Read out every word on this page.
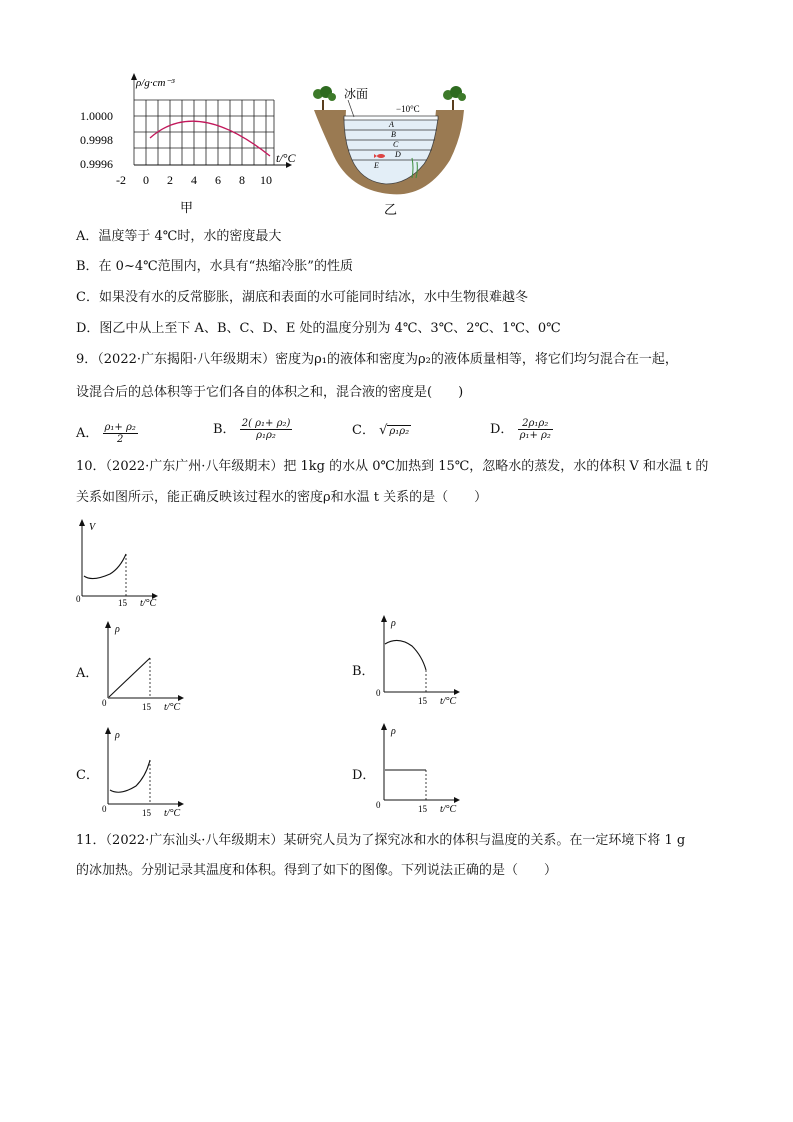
ρ/g·cm⁻³
1.0000
0.9998
0.9996
-2 0 2 4 6 8 10
t/°C
甲
冰面
−10°C
A
B
C
D
E
乙
A．温度等于 4℃时，水的密度最大
B．在 0~4℃范围内，水具有“热缩冷胀”的性质
C．如果没有水的反常膨胀，湖底和表面的水可能同时结冰，水中生物很难越冬
D．图乙中从上至下 A、B、C、D、E 处的温度分别为 4℃、3℃、2℃、1℃、0℃
9．（2022·广东揭阳·八年级期末）密度为ρ₁的液体和密度为ρ₂的液体质量相等，将它们均匀混合在一起，
设混合后的总体积等于它们各自的体积之和，混合液的密度是(　　)
A． $\frac{\text{ρ₁+ ρ₂}}{2}$	B． $\frac{\text{2( ρ₁+ ρ₂)}}{\text{ρ₁ρ₂}}$	C． √ ρ₁ρ₂	D． $\frac{\text{2ρ₁ρ₂}}{\text{ρ₁+ ρ₂}}$
10．（2022·广东广州·八年级期末）把 1kg 的水从 0℃加热到 15℃，忽略水的蒸发，水的体积 V 和水温 t 的
关系如图所示，能正确反映该过程水的密度ρ和水温 t 关系的是（　　）
V
0	15 t/°C
A．
ρ
0	15 t/°C
B．
ρ
0
15 t/°C
C．
ρ
0	15 t/°C
D．
ρ
0	15 t/°C
11．（2022·广东汕头·八年级期末）某研究人员为了探究冰和水的体积与温度的关系。在一定环境下将 1 g
的冰加热。分别记录其温度和体积。得到了如下的图像。下列说法正确的是（　　）
